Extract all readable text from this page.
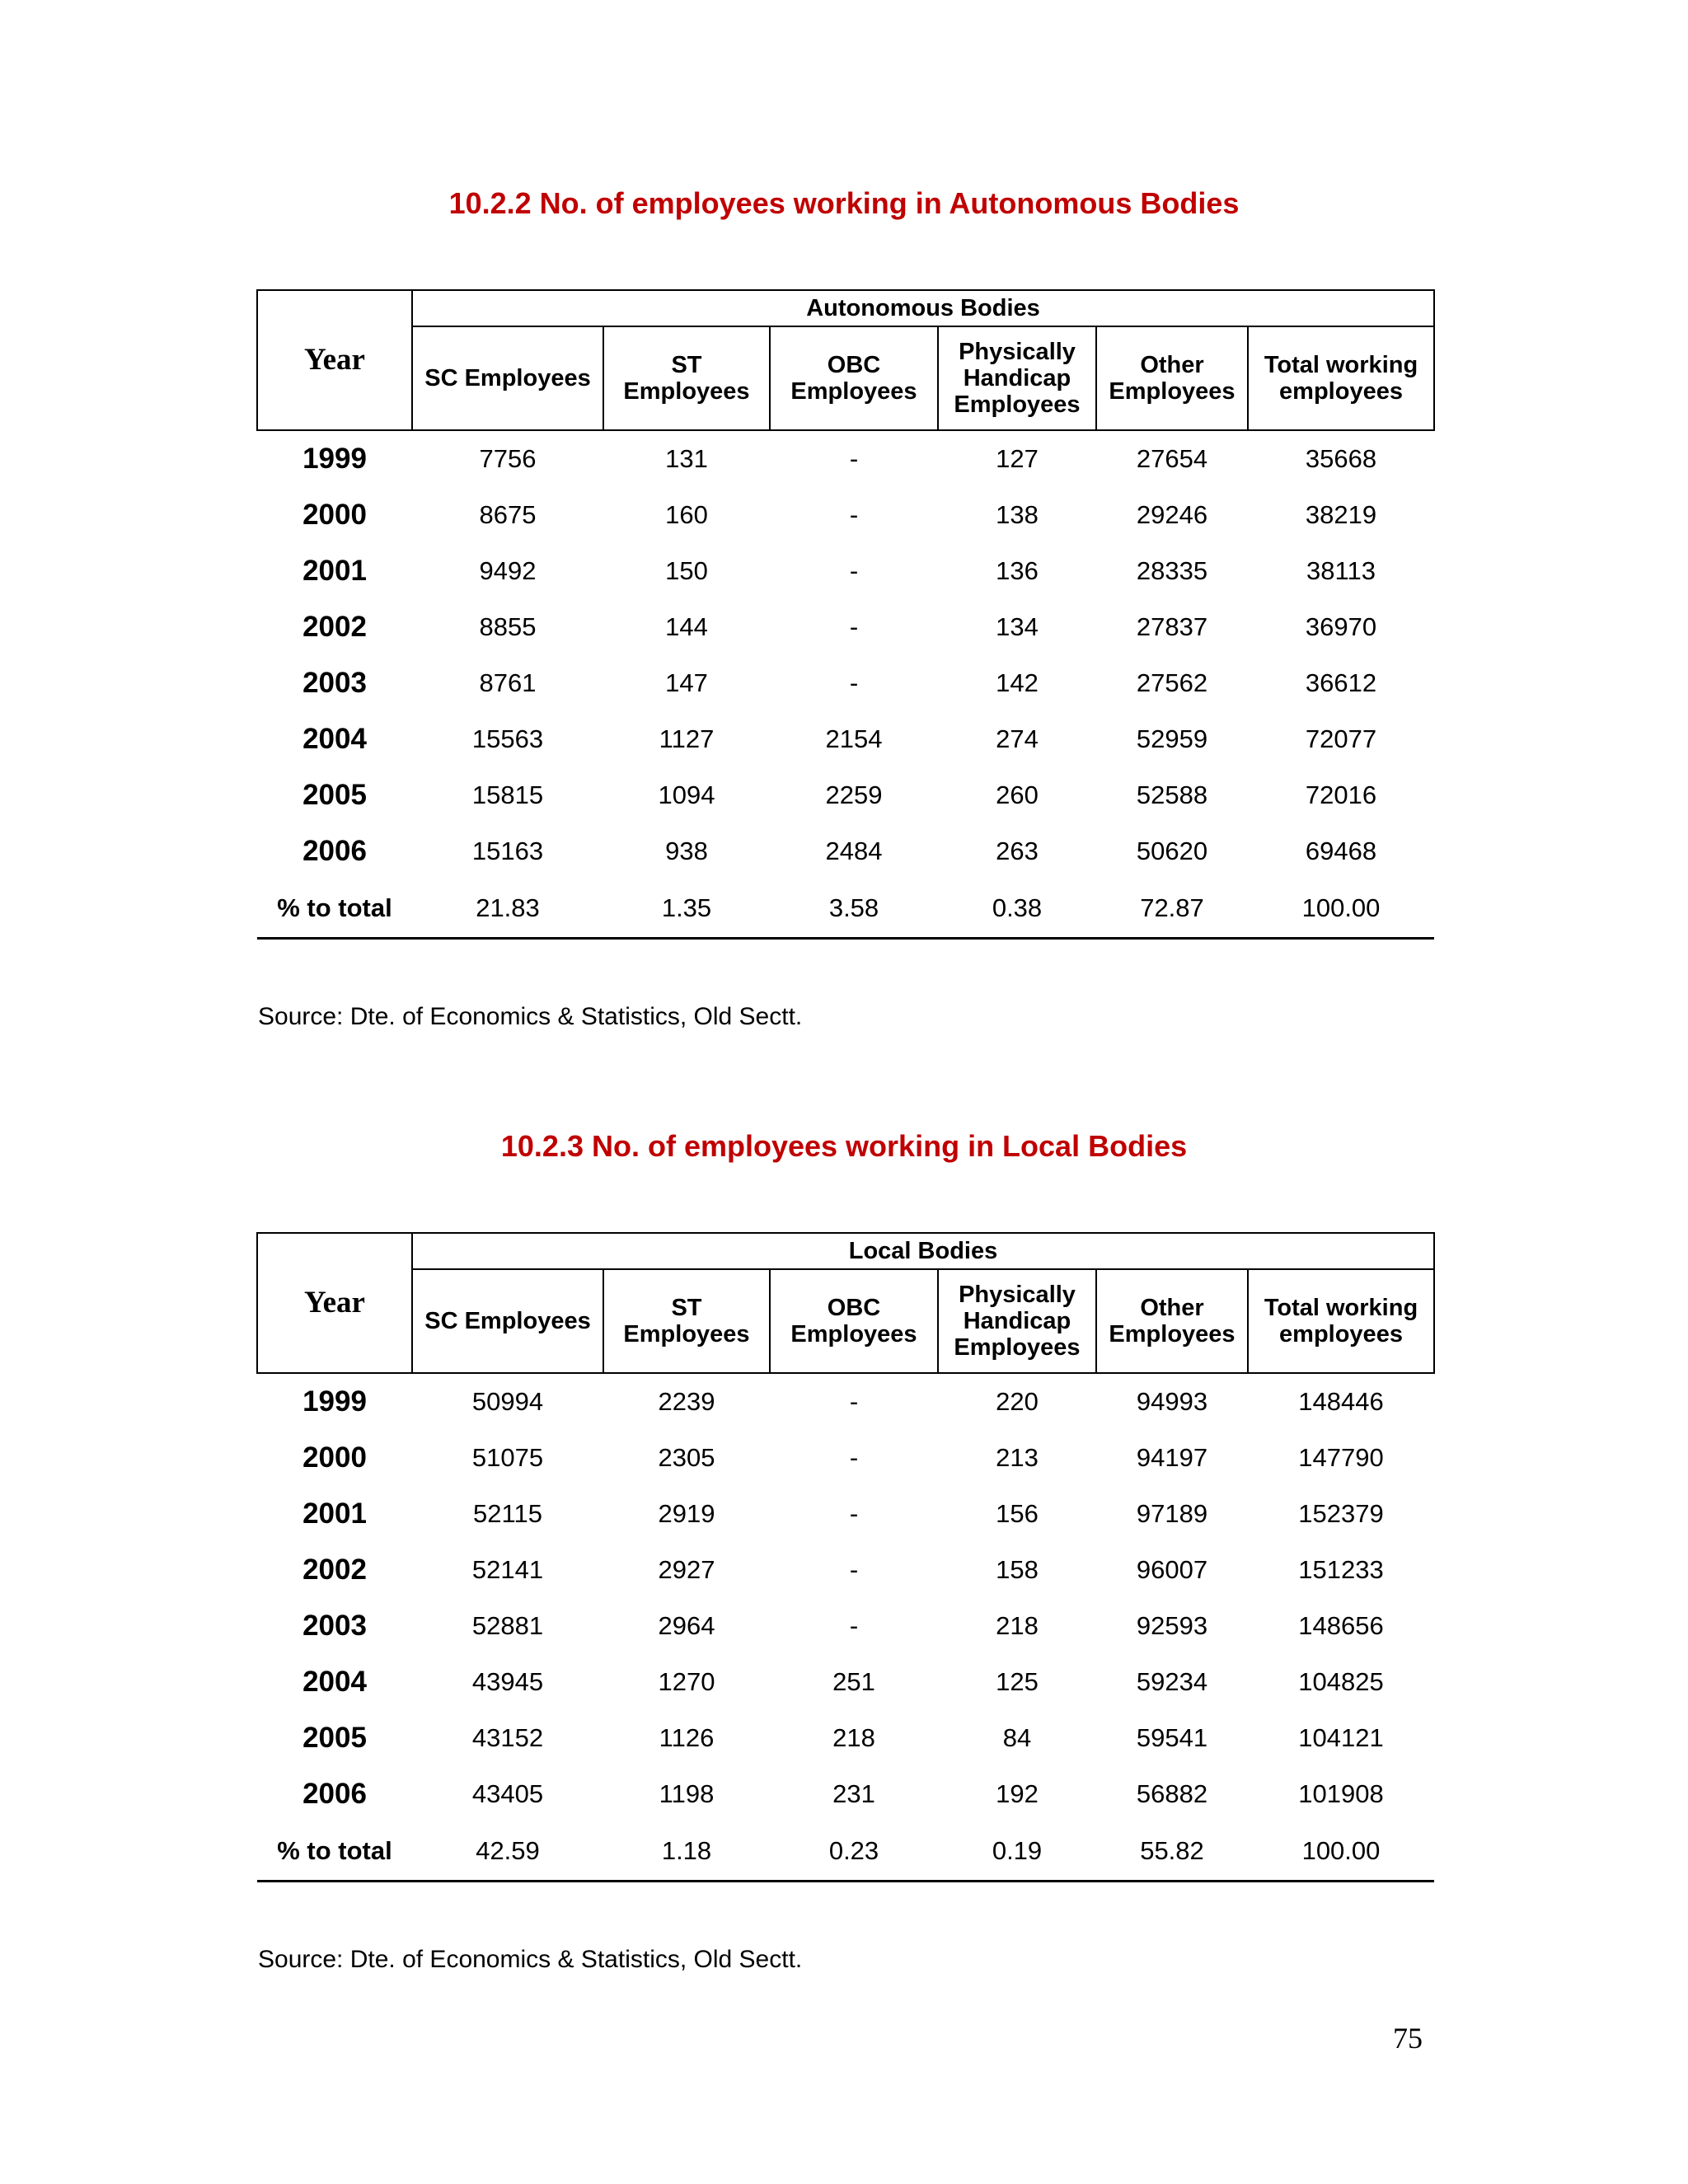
10.2.2 No. of employees working in Autonomous Bodies
Year	Autonomous Bodies					
	SC Employees	ST Employees	OBC Employees	Physically Handicap Employees	Other Employees	Total working employees
1999	7756	131	-	127	27654	35668
2000	8675	160	-	138	29246	38219
2001	9492	150	-	136	28335	38113
2002	8855	144	-	134	27837	36970
2003	8761	147	-	142	27562	36612
2004	15563	1127	2154	274	52959	72077
2005	15815	1094	2259	260	52588	72016
2006	15163	938	2484	263	50620	69468
% to total	21.83	1.35	3.58	0.38	72.87	100.00
Source: Dte. of Economics & Statistics, Old Sectt.
10.2.3 No. of employees working in Local Bodies
Year	Local Bodies					
	SC Employees	ST Employees	OBC Employees	Physically Handicap Employees	Other Employees	Total working employees
1999	50994	2239	-	220	94993	148446
2000	51075	2305	-	213	94197	147790
2001	52115	2919	-	156	97189	152379
2002	52141	2927	-	158	96007	151233
2003	52881	2964	-	218	92593	148656
2004	43945	1270	251	125	59234	104825
2005	43152	1126	218	84	59541	104121
2006	43405	1198	231	192	56882	101908
% to total	42.59	1.18	0.23	0.19	55.82	100.00
Source: Dte. of Economics & Statistics, Old Sectt.
75
